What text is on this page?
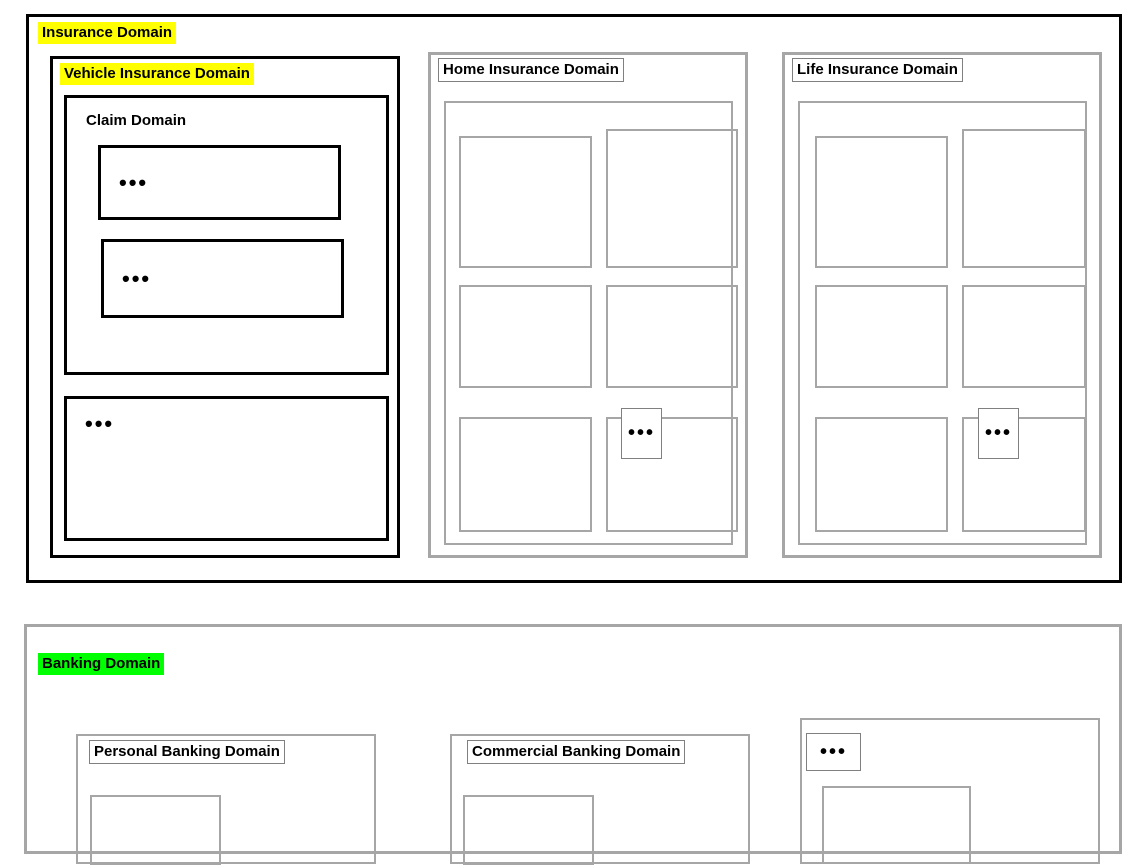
Insurance Domain
Vehicle Insurance Domain
Claim Domain
•••
•••
•••
Home Insurance Domain
•••
Life Insurance Domain
•••
Banking Domain
Personal Banking Domain	Commercial Banking Domain	•••
